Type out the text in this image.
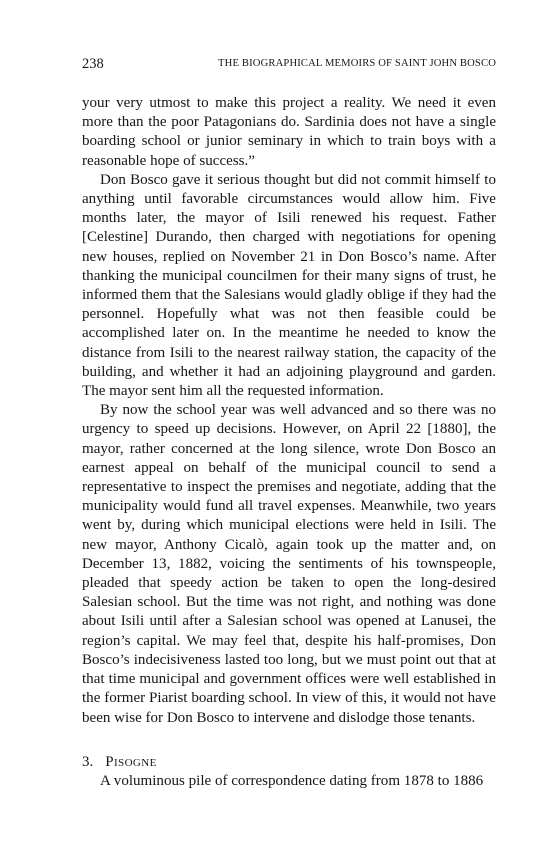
238	THE BIOGRAPHICAL MEMOIRS OF SAINT JOHN BOSCO

your very utmost to make this project a reality. We need it even more than the poor Patagonians do. Sardinia does not have a single boarding school or junior seminary in which to train boys with a reasonable hope of success.”

Don Bosco gave it serious thought but did not commit himself to anything until favorable circumstances would allow him. Five months later, the mayor of Isili renewed his request. Father [Celestine] Durando, then charged with negotiations for opening new houses, replied on November 21 in Don Bosco’s name. After thanking the municipal councilmen for their many signs of trust, he informed them that the Salesians would gladly oblige if they had the personnel. Hopefully what was not then feasible could be accomplished later on. In the meantime he needed to know the distance from Isili to the nearest railway station, the capacity of the building, and whether it had an adjoining playground and garden. The mayor sent him all the requested information.

By now the school year was well advanced and so there was no urgency to speed up decisions. However, on April 22 [1880], the mayor, rather concerned at the long silence, wrote Don Bosco an earnest appeal on behalf of the municipal council to send a representative to inspect the premises and negotiate, adding that the municipality would fund all travel expenses. Meanwhile, two years went by, during which municipal elections were held in Isili. The new mayor, Anthony Cicalò, again took up the matter and, on December 13, 1882, voicing the sentiments of his townspeople, pleaded that speedy action be taken to open the long-desired Salesian school. But the time was not right, and nothing was done about Isili until after a Salesian school was opened at Lanusei, the region’s capital. We may feel that, despite his half-promises, Don Bosco’s indecisiveness lasted too long, but we must point out that at that time municipal and government offices were well established in the former Piarist boarding school. In view of this, it would not have been wise for Don Bosco to intervene and dislodge those tenants.

3. Pisogne

A voluminous pile of correspondence dating from 1878 to 1886
